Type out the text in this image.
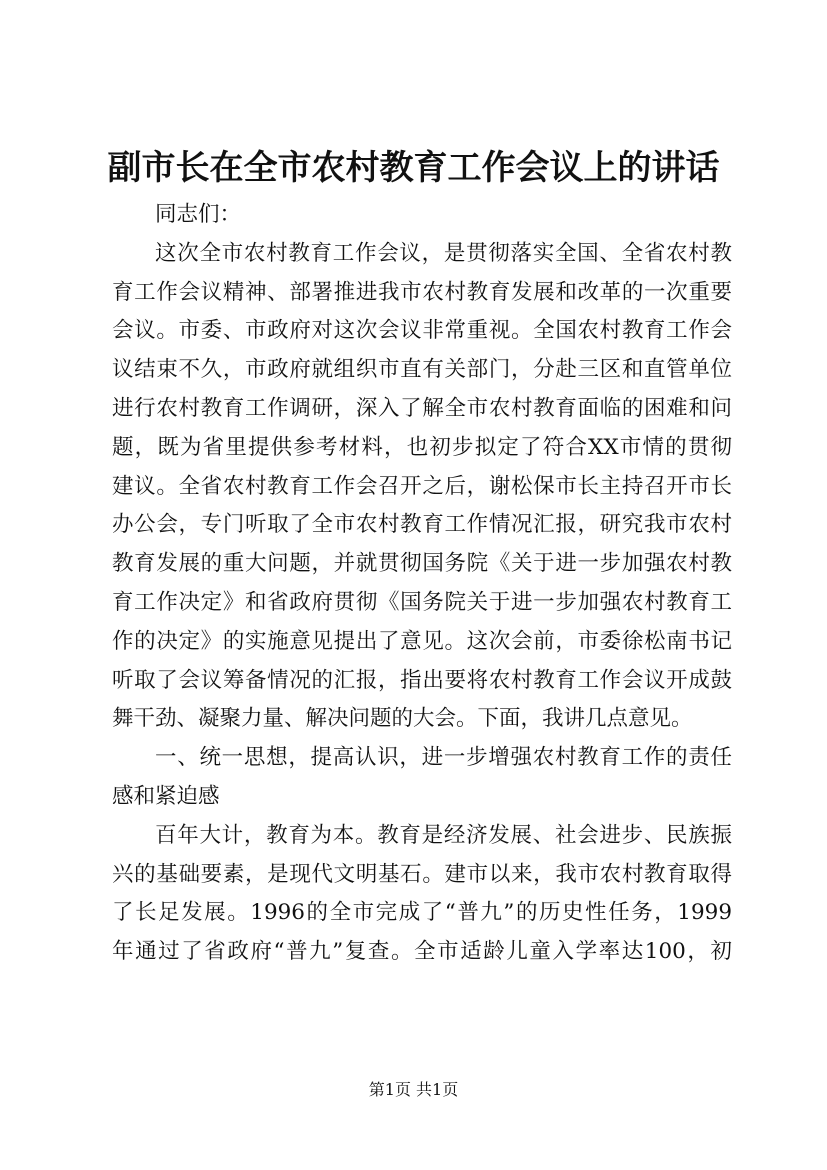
副市长在全市农村教育工作会议上的讲话
同志们：
这次全市农村教育工作会议，是贯彻落实全国、全省农村教
育工作会议精神、部署推进我市农村教育发展和改革的一次重要
会议。市委、市政府对这次会议非常重视。全国农村教育工作会
议结束不久，市政府就组织市直有关部门，分赴三区和直管单位
进行农村教育工作调研，深入了解全市农村教育面临的困难和问
题，既为省里提供参考材料，也初步拟定了符合XX市情的贯彻
建议。全省农村教育工作会召开之后，谢松保市长主持召开市长
办公会，专门听取了全市农村教育工作情况汇报，研究我市农村
教育发展的重大问题，并就贯彻国务院《关于进一步加强农村教
育工作决定》和省政府贯彻《国务院关于进一步加强农村教育工
作的决定》的实施意见提出了意见。这次会前，市委徐松南书记
听取了会议筹备情况的汇报，指出要将农村教育工作会议开成鼓
舞干劲、凝聚力量、解决问题的大会。下面，我讲几点意见。
一、统一思想，提高认识，进一步增强农村教育工作的责任
感和紧迫感
百年大计，教育为本。教育是经济发展、社会进步、民族振
兴的基础要素，是现代文明基石。建市以来，我市农村教育取得
了长足发展。1996的全市完成了“普九”的历史性任务，1999
年通过了省政府“普九”复查。全市适龄儿童入学率达100，初
第1页 共1页
